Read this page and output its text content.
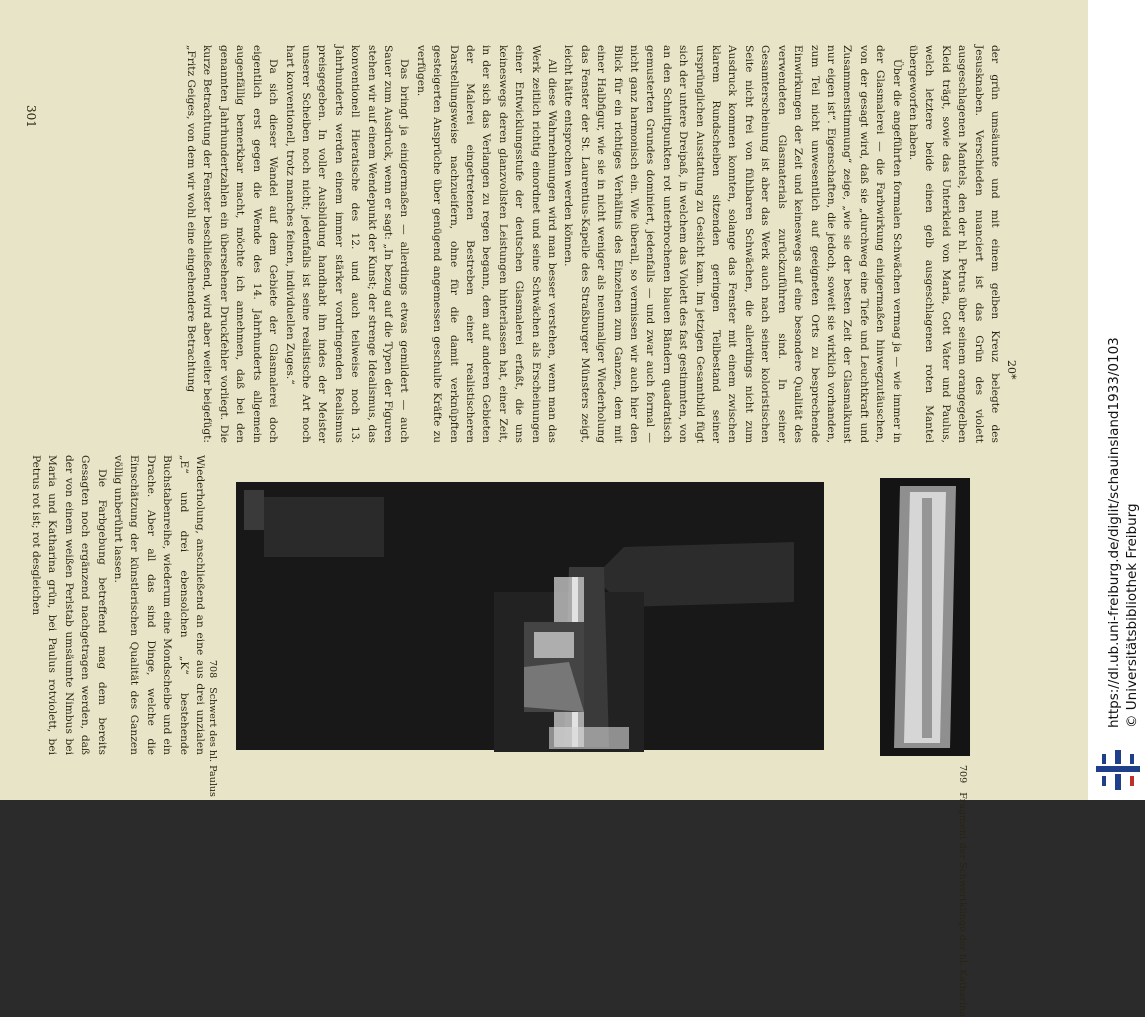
301
708   Schwert des hl. Paulus	709   Fragment der Schwertklinge der hl. Katharina

Wiederholung, anschließend an eine aus drei unzialen „E“ und drei ebensolchen „K“ bestehende Buchstabenreihe, wiederum eine Mondscheibe und ein Drache. Aber all das sind Dinge, welche die Einschätzung der künstlerischen Qualität des Ganzen völlig unberührt lassen.

Die Farbgebung betreffend mag dem bereits Gesagten noch ergänzend nachgetragen werden, daß der von einem weißen Perlstab umsäumte Nimbus bei Maria und Katharina grün, bei Paulus rotviolett, bei Petrus rot ist; rot desgleichen

der grün umsäumte und mit einem gelben Kreuz belegte des Jesusknaben. Verschieden nuanciert ist das Grün des violett ausgeschlagenen Mantels, den der hl. Petrus über seinem orangegelben Kleid trägt, sowie das Unterkleid von Maria, Gott Vater und Paulus, welch letztere beide einen gelb ausgeschlagenen roten Mantel übergeworfen haben.

Über die angeführten formalen Schwächen vermag ja — wie immer in der Glasmalerei — die Farbwirkung einigermaßen hinwegzutäuschen, von der gesagt wird, daß sie „durchweg eine Tiefe und Leuchtkraft und Zusammenstimmung“ zeige, „wie sie der besten Zeit der Glasmalkunst nur eigen ist“. Eigenschaften, die jedoch, soweit sie wirklich vorhanden, zum Teil nicht unwesentlich auf geeigneten Orts zu besprechende Einwirkungen der Zeit und keineswegs auf eine besondere Qualität des verwendeten Glasmaterials zurückzuführen sind. In seiner Gesamterscheinung ist aber das Werk auch nach seiner koloristischen Seite nicht frei von fühlbaren Schwächen, die allerdings nicht zum Ausdruck kommen konnten, solange das Fenster mit einem zwischen klarem Rundscheiben sitzenden geringen Teilbestand seiner ursprünglichen Ausstattung zu Gesicht kam. Im jetzigen Gesamtbild fügt sich der untere Dreipaß, in welchem das Violett des fast gestimmten, von an den Schnittpunkten rot unterbrochenen blauen Bändern quadratisch gemusterten Grundes dominiert, jedenfalls — und zwar auch formal — nicht ganz harmonisch ein. Wie überall, so vermissen wir auch hier den Blick für ein richtiges Verhältnis des Einzelnen zum Ganzen, dem mit einer Halbfigur, wie sie in nicht weniger als neunmaliger Wiederholung das Fenster der St. Laurentius-Kapelle des Straßburger Münsters zeigt, leicht hätte entsprochen werden können.

All diese Wahrnehmungen wird man besser verstehen, wenn man das Werk zeitlich richtig einordnet und seine Schwächen als Erscheinungen einer Entwicklungsstufe der deutschen Glasmalerei erfaßt, die uns keineswegs deren glanzvollsten Leistungen hinterlassen hat, einer Zeit, in der sich das Verlangen zu regen begann, dem auf anderen Gebieten der Malerei eingetretenen Bestreben einer realistischeren Darstellungsweise nachzueifern, ohne für die damit verknüpften gesteigerten Ansprüche über genügend angemessen geschulte Kräfte zu verfügen.

Das bringt ja einigermaßen — allerdings etwas gemildert — auch Sauer zum Ausdruck, wenn er sagt: „In bezug auf die Typen der Figuren stehen wir auf einem Wendepunkt der Kunst; der strenge Idealismus, das konventionell Hieratische des 12. und auch teilweise noch 13. Jahrhunderts werden einem immer stärker vordringenden Realismus preisgegeben. In voller Ausbildung handhabt ihn indes der Meister unserer Scheiben noch nicht; jedenfalls ist seine realistische Art noch hart konventionell, trotz manches feinen, individuellen Zuges.“

Da sich dieser Wandel auf dem Gebiete der Glasmalerei doch eigentlich erst gegen die Wende des 14. Jahrhunderts allgemein augenfällig bemerkbar macht, möchte ich annehmen, daß bei den genannten Jahrhundertzahlen ein übersehener Druckfehler vorliegt. Die kurze Betrachtung der Fenster beschließend, wird aber weiter beigefügt: „Fritz Geiges, von dem wir wohl eine eingehendere Betrachtung	20*	https://dl.ub.uni-freiburg.de/diglit/schauinsland1933/0103 © Universitätsbibliothek Freiburg
